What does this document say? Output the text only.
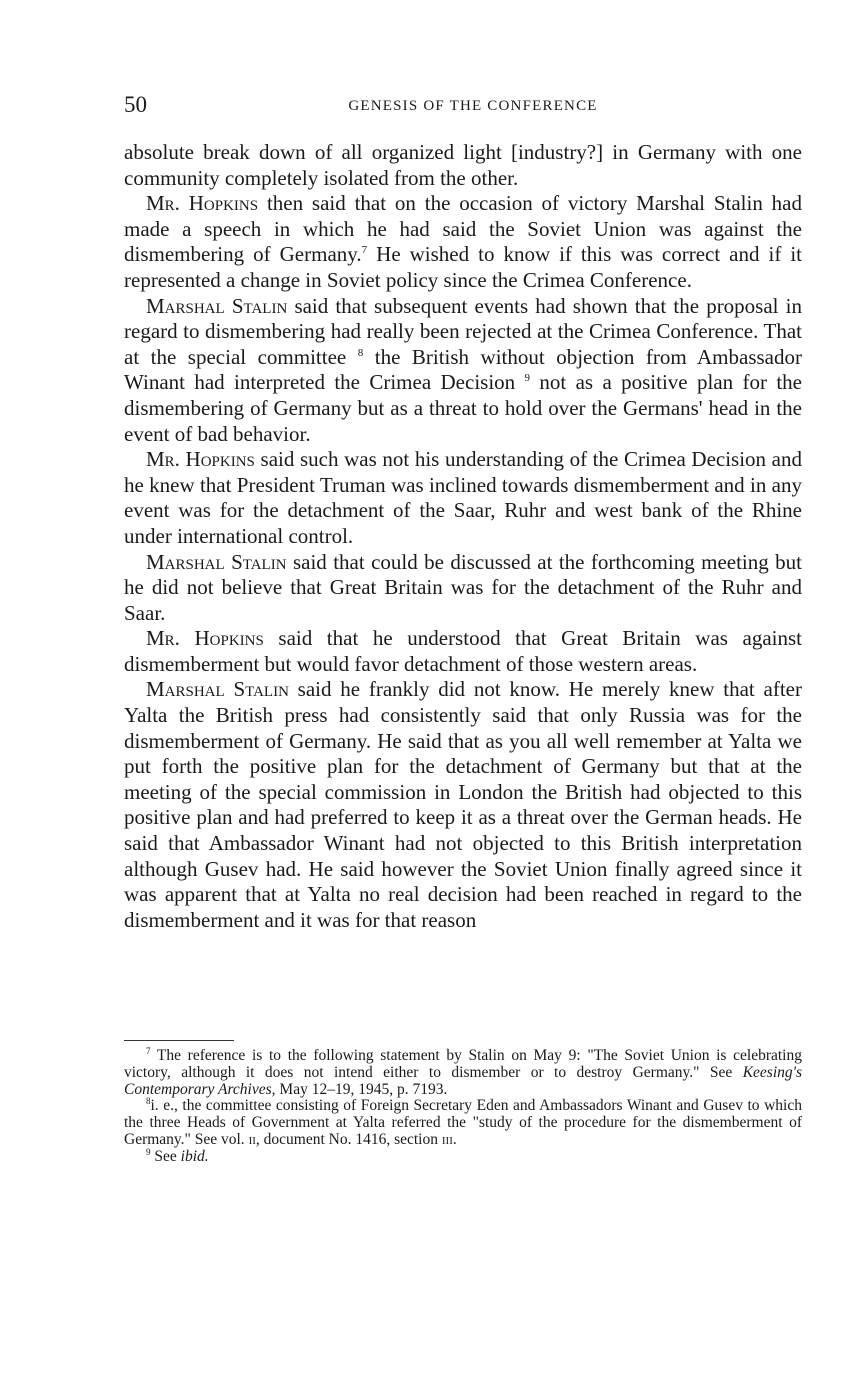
50	GENESIS OF THE CONFERENCE

absolute break down of all organized light [industry?] in Germany with one community completely isolated from the other.

Mr. Hopkins then said that on the occasion of victory Marshal Stalin had made a speech in which he had said the Soviet Union was against the dismembering of Germany.$^7$ He wished to know if this was correct and if it represented a change in Soviet policy since the Crimea Conference.

Marshal Stalin said that subsequent events had shown that the proposal in regard to dismembering had really been rejected at the Crimea Conference. That at the special committee $^8$ the British without objection from Ambassador Winant had interpreted the Crimea Decision $^9$ not as a positive plan for the dismembering of Germany but as a threat to hold over the Germans' head in the event of bad behavior.

Mr. Hopkins said such was not his understanding of the Crimea Decision and he knew that President Truman was inclined towards dismemberment and in any event was for the detachment of the Saar, Ruhr and west bank of the Rhine under international control.

Marshal Stalin said that could be discussed at the forthcoming meeting but he did not believe that Great Britain was for the detachment of the Ruhr and Saar.

Mr. Hopkins said that he understood that Great Britain was against dismemberment but would favor detachment of those western areas.

Marshal Stalin said he frankly did not know. He merely knew that after Yalta the British press had consistently said that only Russia was for the dismemberment of Germany. He said that as you all well remember at Yalta we put forth the positive plan for the detachment of Germany but that at the meeting of the special commission in London the British had objected to this positive plan and had preferred to keep it as a threat over the German heads. He said that Ambassador Winant had not objected to this British interpretation although Gusev had. He said however the Soviet Union finally agreed since it was apparent that at Yalta no real decision had been reached in regard to the dismemberment and it was for that reason

$^7$ The reference is to the following statement by Stalin on May 9: "The Soviet Union is celebrating victory, although it does not intend either to dismember or to destroy Germany." See Keesing's Contemporary Archives, May 12–19, 1945, p. 7193.

$^8$i. e., the committee consisting of Foreign Secretary Eden and Ambassadors Winant and Gusev to which the three Heads of Government at Yalta referred the "study of the procedure for the dismemberment of Germany." See vol. ii, document No. 1416, section iii.

$^9$ See ibid.
